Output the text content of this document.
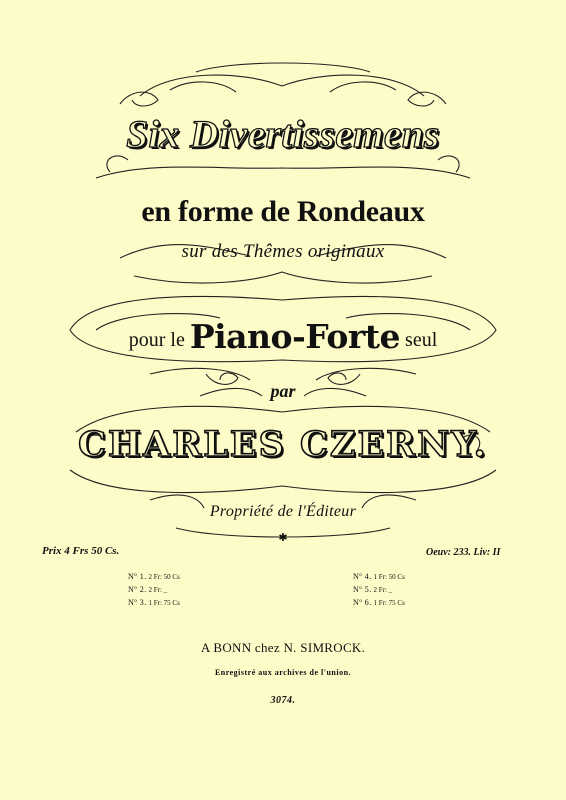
Six Divertissemens
en forme de Rondeaux
sur des Thêmes originaux
pour le Piano-Forte seul
par
CHARLES CZERNY.
Propriété de l'Éditeur
✱
Prix 4 Frs 50 Cs.	Oeuv: 233. Liv: II
Nº 1. 2 Fr: 50 Cs
Nº 2. 2 Fr: _
Nº 3. 1 Fr: 75 Cs
Nº 4. 1 Fr: 50 Cs
Nº 5. 2 Fr: _
Nº 6. 1 Fr: 75 Cs
A BONN chez N. SIMROCK.
Enregistré aux archives de l'union.
3074.
